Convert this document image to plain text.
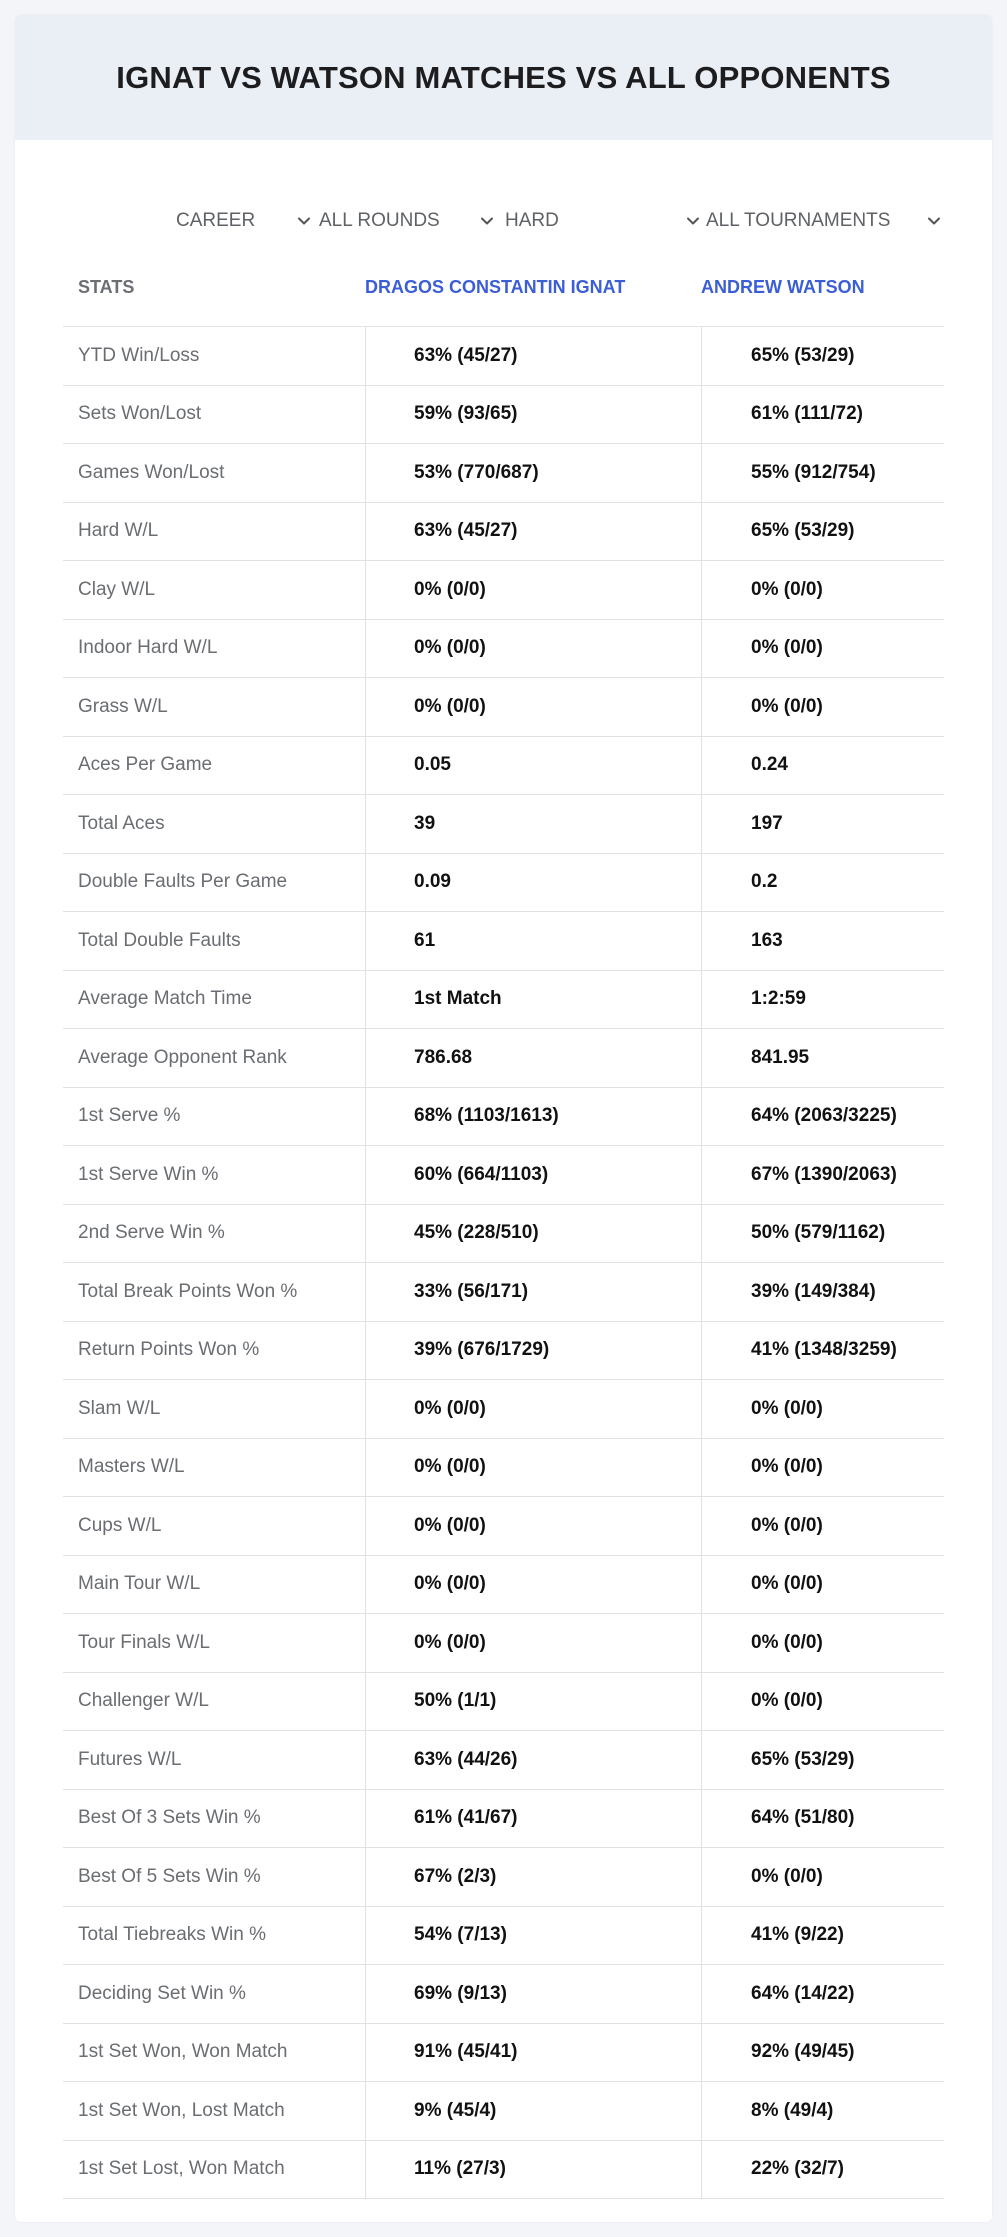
IGNAT VS WATSON MATCHES VS ALL OPPONENTS
CAREER	ALL ROUNDS	HARD	ALL TOURNAMENTS
STATS	DRAGOS CONSTANTIN IGNAT	ANDREW WATSON
YTD Win/Loss	63% (45/27)	65% (53/29)
Sets Won/Lost	59% (93/65)	61% (111/72)
Games Won/Lost	53% (770/687)	55% (912/754)
Hard W/L	63% (45/27)	65% (53/29)
Clay W/L	0% (0/0)	0% (0/0)
Indoor Hard W/L	0% (0/0)	0% (0/0)
Grass W/L	0% (0/0)	0% (0/0)
Aces Per Game	0.05	0.24
Total Aces	39	197
Double Faults Per Game	0.09	0.2
Total Double Faults	61	163
Average Match Time	1st Match	1:2:59
Average Opponent Rank	786.68	841.95
1st Serve %	68% (1103/1613)	64% (2063/3225)
1st Serve Win %	60% (664/1103)	67% (1390/2063)
2nd Serve Win %	45% (228/510)	50% (579/1162)
Total Break Points Won %	33% (56/171)	39% (149/384)
Return Points Won %	39% (676/1729)	41% (1348/3259)
Slam W/L	0% (0/0)	0% (0/0)
Masters W/L	0% (0/0)	0% (0/0)
Cups W/L	0% (0/0)	0% (0/0)
Main Tour W/L	0% (0/0)	0% (0/0)
Tour Finals W/L	0% (0/0)	0% (0/0)
Challenger W/L	50% (1/1)	0% (0/0)
Futures W/L	63% (44/26)	65% (53/29)
Best Of 3 Sets Win %	61% (41/67)	64% (51/80)
Best Of 5 Sets Win %	67% (2/3)	0% (0/0)
Total Tiebreaks Win %	54% (7/13)	41% (9/22)
Deciding Set Win %	69% (9/13)	64% (14/22)
1st Set Won, Won Match	91% (45/41)	92% (49/45)
1st Set Won, Lost Match	9% (45/4)	8% (49/4)
1st Set Lost, Won Match	11% (27/3)	22% (32/7)
